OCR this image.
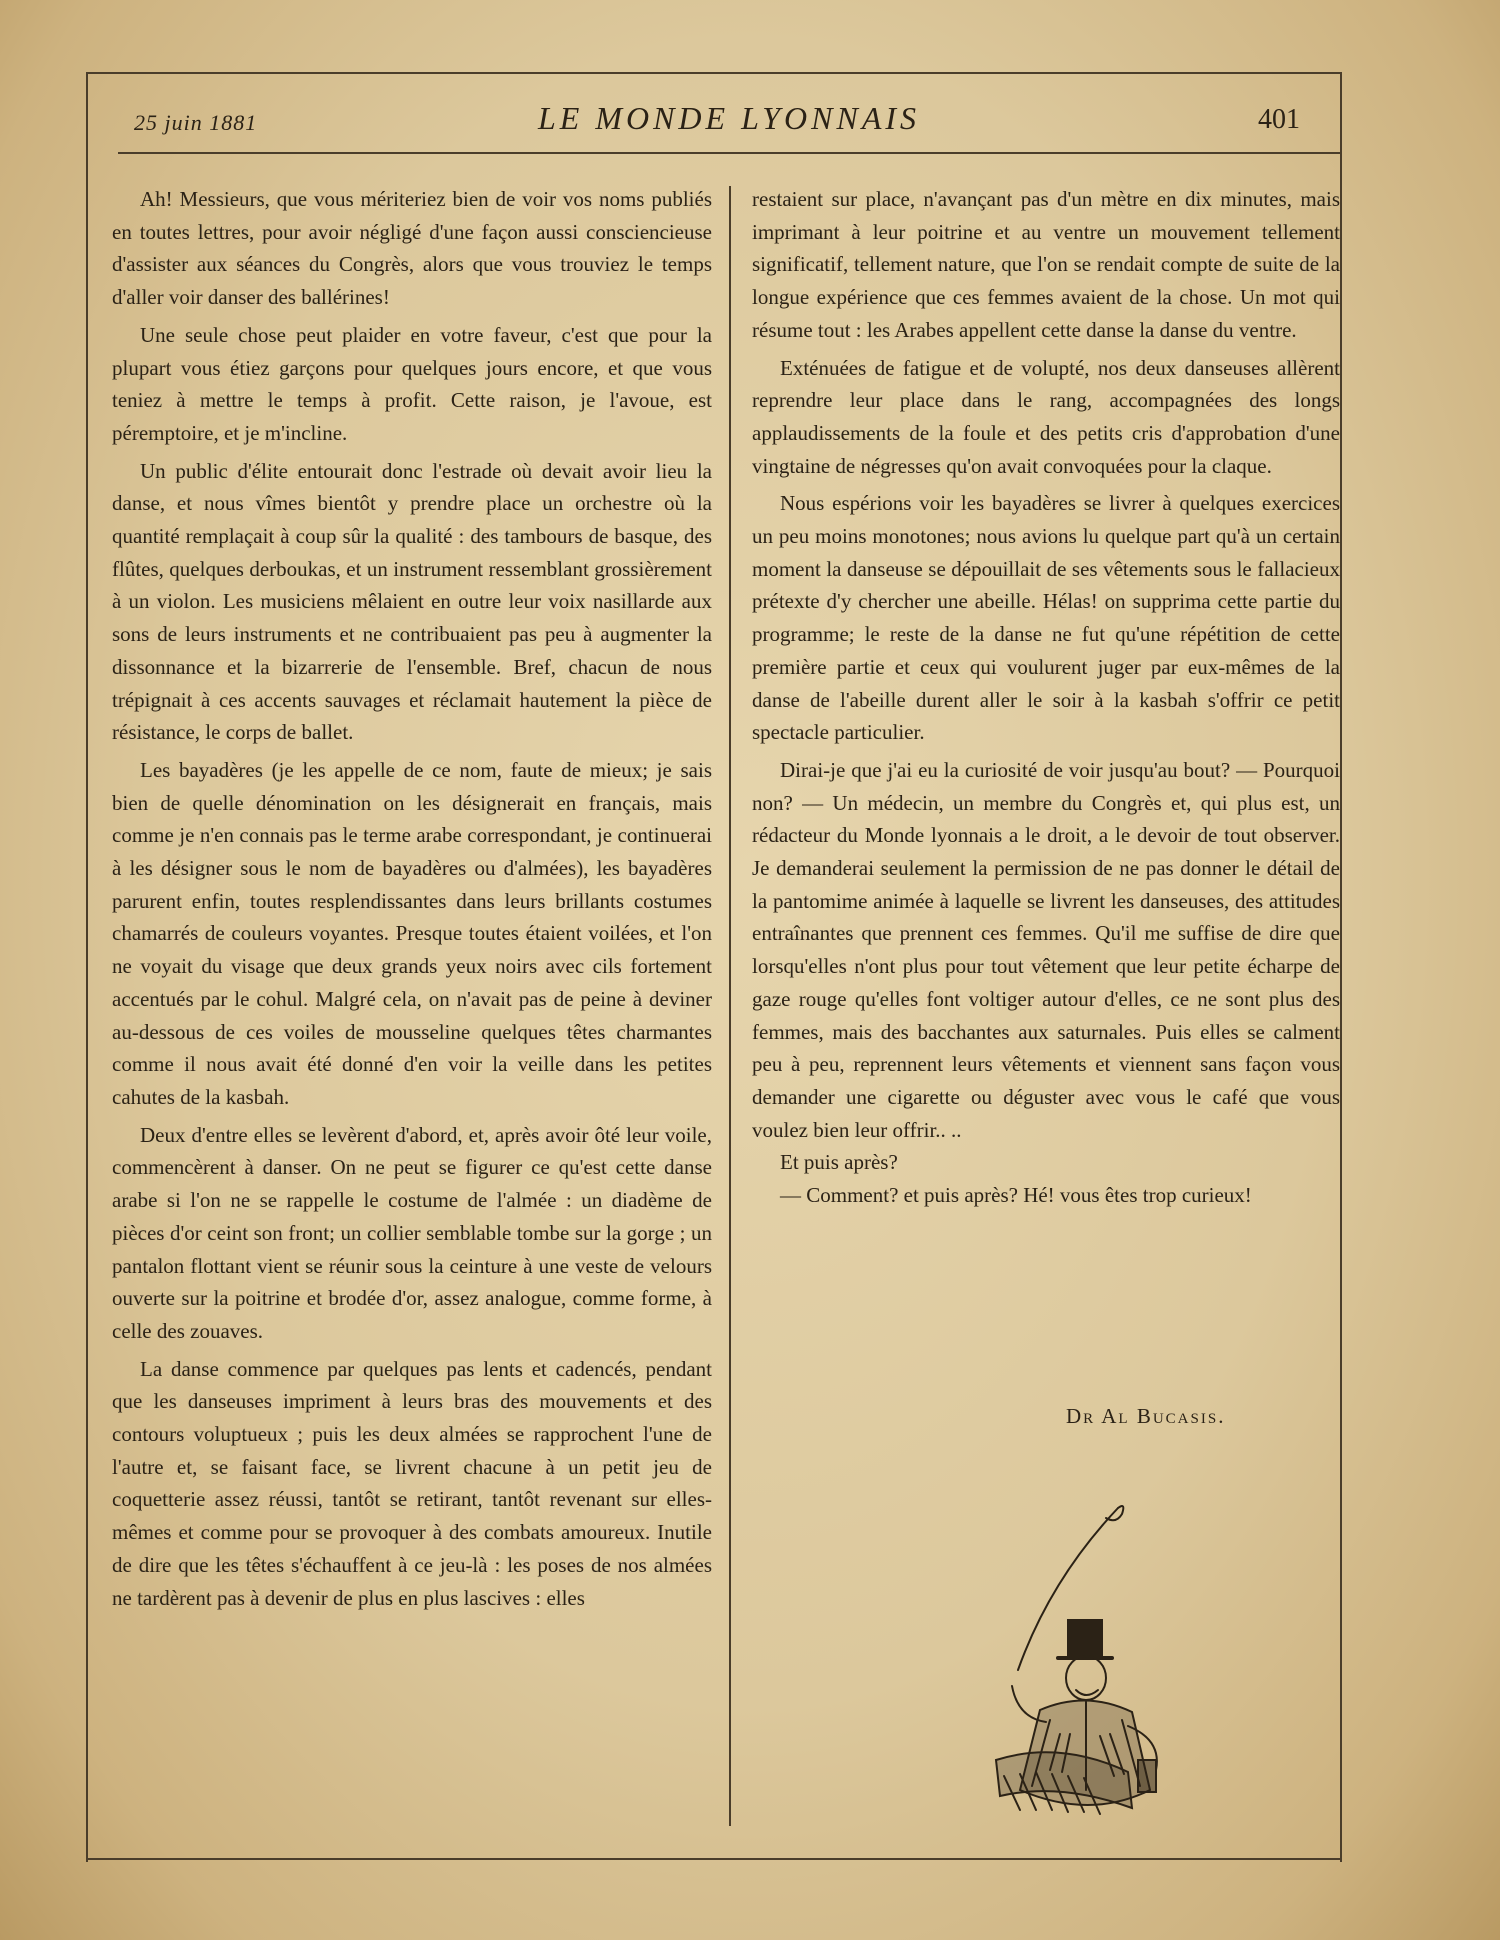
25 juin 1881	LE MONDE LYONNAIS	401

Ah! Messieurs, que vous mériteriez bien de voir vos noms publiés en toutes lettres, pour avoir négligé d'une façon aussi consciencieuse d'assister aux séances du Congrès, alors que vous trouviez le temps d'aller voir danser des ballérines!

Une seule chose peut plaider en votre faveur, c'est que pour la plupart vous étiez garçons pour quelques jours encore, et que vous teniez à mettre le temps à profit. Cette raison, je l'avoue, est péremptoire, et je m'incline.

Un public d'élite entourait donc l'estrade où devait avoir lieu la danse, et nous vîmes bientôt y prendre place un orchestre où la quantité remplaçait à coup sûr la qualité : des tambours de basque, des flûtes, quelques derboukas, et un instrument ressemblant grossièrement à un violon. Les musiciens mêlaient en outre leur voix nasillarde aux sons de leurs instruments et ne contribuaient pas peu à augmenter la dissonnance et la bizarrerie de l'ensemble. Bref, chacun de nous trépignait à ces accents sauvages et réclamait hautement la pièce de résistance, le corps de ballet.

Les bayadères (je les appelle de ce nom, faute de mieux; je sais bien de quelle dénomination on les désignerait en français, mais comme je n'en connais pas le terme arabe correspondant, je continuerai à les désigner sous le nom de bayadères ou d'almées), les bayadères parurent enfin, toutes resplendissantes dans leurs brillants costumes chamarrés de couleurs voyantes. Presque toutes étaient voilées, et l'on ne voyait du visage que deux grands yeux noirs avec cils fortement accentués par le cohul. Malgré cela, on n'avait pas de peine à deviner au-dessous de ces voiles de mousseline quelques têtes charmantes comme il nous avait été donné d'en voir la veille dans les petites cahutes de la kasbah.

Deux d'entre elles se levèrent d'abord, et, après avoir ôté leur voile, commencèrent à danser. On ne peut se figurer ce qu'est cette danse arabe si l'on ne se rappelle le costume de l'almée : un diadème de pièces d'or ceint son front; un collier semblable tombe sur la gorge ; un pantalon flottant vient se réunir sous la ceinture à une veste de velours ouverte sur la poitrine et brodée d'or, assez analogue, comme forme, à celle des zouaves.

La danse commence par quelques pas lents et cadencés, pendant que les danseuses impriment à leurs bras des mouvements et des contours voluptueux ; puis les deux almées se rapprochent l'une de l'autre et, se faisant face, se livrent chacune à un petit jeu de coquetterie assez réussi, tantôt se retirant, tantôt revenant sur elles-mêmes et comme pour se provoquer à des combats amoureux. Inutile de dire que les têtes s'échauffent à ce jeu-là : les poses de nos almées ne tardèrent pas à devenir de plus en plus lascives : elles

restaient sur place, n'avançant pas d'un mètre en dix minutes, mais imprimant à leur poitrine et au ventre un mouvement tellement significatif, tellement nature, que l'on se rendait compte de suite de la longue expérience que ces femmes avaient de la chose. Un mot qui résume tout : les Arabes appellent cette danse la danse du ventre.

Exténuées de fatigue et de volupté, nos deux danseuses allèrent reprendre leur place dans le rang, accompagnées des longs applaudissements de la foule et des petits cris d'approbation d'une vingtaine de négresses qu'on avait convoquées pour la claque.

Nous espérions voir les bayadères se livrer à quelques exercices un peu moins monotones; nous avions lu quelque part qu'à un certain moment la danseuse se dépouillait de ses vêtements sous le fallacieux prétexte d'y chercher une abeille. Hélas! on supprima cette partie du programme; le reste de la danse ne fut qu'une répétition de cette première partie et ceux qui voulurent juger par eux-mêmes de la danse de l'abeille durent aller le soir à la kasbah s'offrir ce petit spectacle particulier.

Dirai-je que j'ai eu la curiosité de voir jusqu'au bout? — Pourquoi non? — Un médecin, un membre du Congrès et, qui plus est, un rédacteur du Monde lyonnais a le droit, a le devoir de tout observer. Je demanderai seulement la permission de ne pas donner le détail de la pantomime animée à laquelle se livrent les danseuses, des attitudes entraînantes que prennent ces femmes. Qu'il me suffise de dire que lorsqu'elles n'ont plus pour tout vêtement que leur petite écharpe de gaze rouge qu'elles font voltiger autour d'elles, ce ne sont plus des femmes, mais des bacchantes aux saturnales. Puis elles se calment peu à peu, reprennent leurs vêtements et viennent sans façon vous demander une cigarette ou déguster avec vous le café que vous voulez bien leur offrir.. ..

Et puis après?

— Comment? et puis après? Hé! vous êtes trop curieux!

Dr Al Bucasis.
